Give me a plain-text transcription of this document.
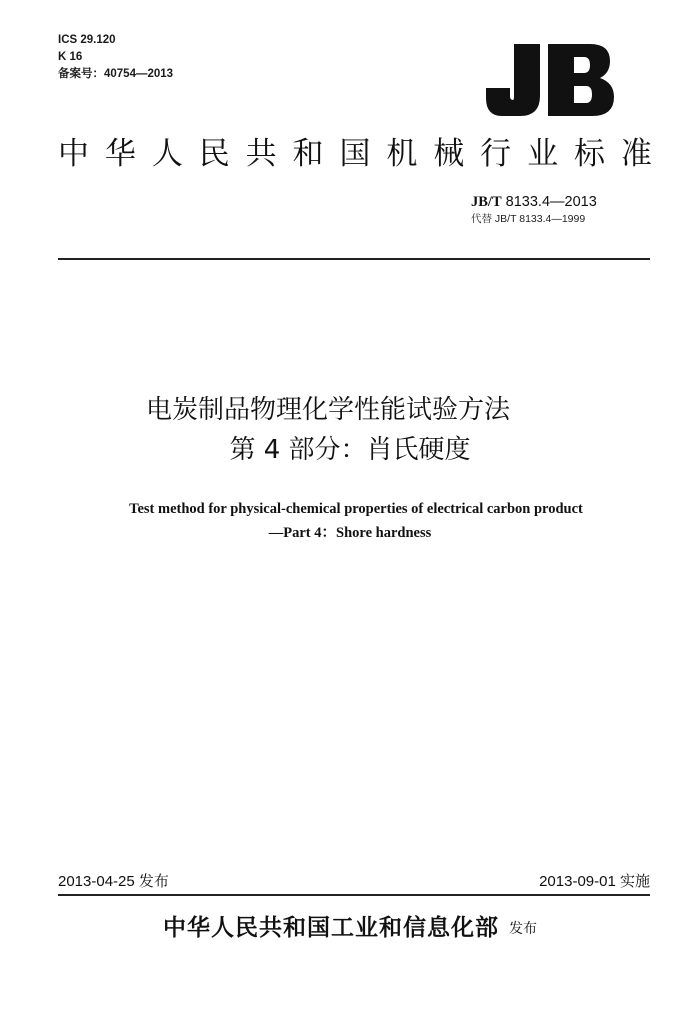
ICS 29.120
K 16
备案号：40754—2013
中 华 人 民 共 和 国 机 械 行 业 标 准
JB/T 8133.4—2013
代替 JB/T 8133.4—1999
电炭制品物理化学性能试验方法
第 4 部分：肖氏硬度
Test method for physical-chemical properties of electrical carbon product
—Part 4：Shore hardness
2013-04-25 发布	2013-09-01 实施
中华人民共和国工业和信息化部 发布
